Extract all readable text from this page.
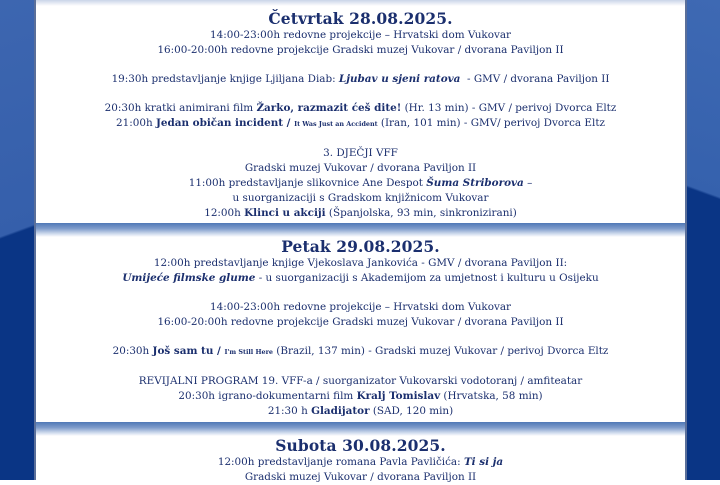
Četvrtak 28.08.2025.

14:00-23:00h redovne projekcije – Hrvatski dom Vukovar

16:00-20:00h redovne projekcije Gradski muzej Vukovar / dvorana Paviljon II

19:30h predstavljanje knjige Ljiljana Diab: Ljubav u sjeni ratova  - GMV / dvorana Paviljon II

20:30h kratki animirani film Žarko, razmazit ćeš dite! (Hr. 13 min) - GMV / perivoj Dvorca Eltz

21:00h Jedan običan incident / It Was Just an Accident (Iran, 101 min) - GMV/ perivoj Dvorca Eltz

3. DJEČJI VFF

Gradski muzej Vukovar / dvorana Paviljon II

11:00h predstavljanje slikovnice Ane Despot Šuma Striborova –

u suorganizaciji s Gradskom knjižnicom Vukovar

12:00h Klinci u akciji (Španjolska, 93 min, sinkronizirani)

Petak 29.08.2025.

12:00h predstavljanje knjige Vjekoslava Jankovića - GMV / dvorana Paviljon II:

Umijeće filmske glume - u suorganizaciji s Akademijom za umjetnost i kulturu u Osijeku

14:00-23:00h redovne projekcije – Hrvatski dom Vukovar

16:00-20:00h redovne projekcije Gradski muzej Vukovar / dvorana Paviljon II

20:30h Još sam tu / I'm Still Here (Brazil, 137 min) - Gradski muzej Vukovar / perivoj Dvorca Eltz

REVIJALNI PROGRAM 19. VFF-a / suorganizator Vukovarski vodotoranj / amfiteatar

20:30h igrano-dokumentarni film Kralj Tomislav (Hrvatska, 58 min)

21:30 h Gladijator (SAD, 120 min)

Subota 30.08.2025.

12:00h predstavljanje romana Pavla Pavličića: Ti si ja

Gradski muzej Vukovar / dvorana Paviljon II
